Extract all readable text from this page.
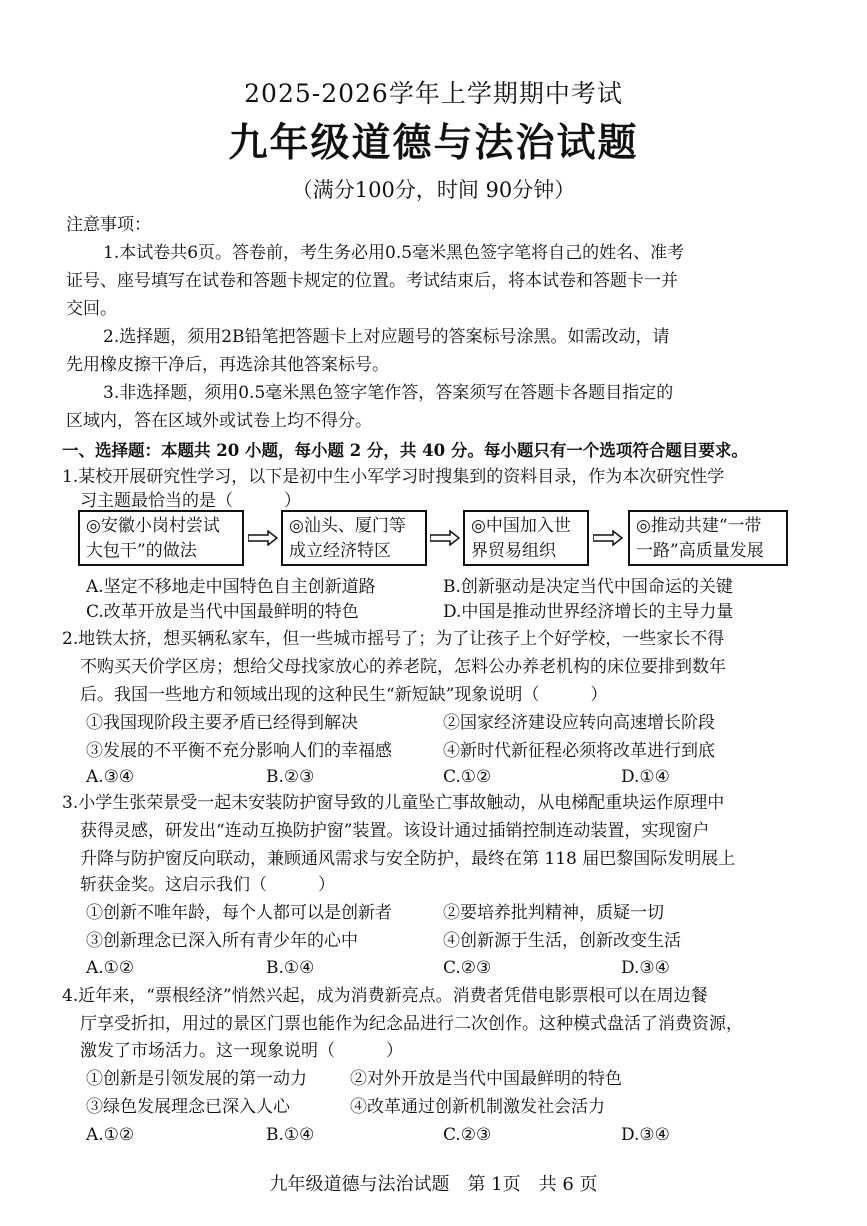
2025-2026学年上学期期中考试
九年级道德与法治试题
（满分100分，时间 90分钟）
注意事项：
1.本试卷共6页。答卷前，考生务必用0.5毫米黑色签字笔将自己的姓名、准考
证号、座号填写在试卷和答题卡规定的位置。考试结束后，将本试卷和答题卡一并
交回。
2.选择题，须用2B铅笔把答题卡上对应题号的答案标号涂黑。如需改动，请
先用橡皮擦干净后，再选涂其他答案标号。
3.非选择题，须用0.5毫米黑色签字笔作答，答案须写在答题卡各题目指定的
区域内，答在区域外或试卷上均不得分。
一、选择题：本题共 20 小题，每小题 2 分，共 40 分。每小题只有一个选项符合题目要求。
1.某校开展研究性学习，以下是初中生小军学习时搜集到的资料目录，作为本次研究性学
习主题最恰当的是（　　　）
◎安徽小岗村尝试
大包干”的做法
◎汕头、厦门等
成立经济特区
◎中国加入世
界贸易组织
◎推动共建“一带
一路”高质量发展
A.坚定不移地走中国特色自主创新道路	B.创新驱动是决定当代中国命运的关键
C.改革开放是当代中国最鲜明的特色	D.中国是推动世界经济增长的主导力量
2.地铁太挤，想买辆私家车，但一些城市摇号了；为了让孩子上个好学校，一些家长不得
不购买天价学区房；想给父母找家放心的养老院，怎料公办养老机构的床位要排到数年
后。我国一些地方和领域出现的这种民生“新短缺”现象说明（　　　）
①我国现阶段主要矛盾已经得到解决	②国家经济建设应转向高速增长阶段
③发展的不平衡不充分影响人们的幸福感	④新时代新征程必须将改革进行到底
A.③④	B.②③	C.①②	D.①④
3.小学生张荣景受一起未安装防护窗导致的儿童坠亡事故触动，从电梯配重块运作原理中
获得灵感，研发出“连动互换防护窗”装置。该设计通过插销控制连动装置，实现窗户
升降与防护窗反向联动，兼顾通风需求与安全防护，最终在第 118 届巴黎国际发明展上
斩获金奖。这启示我们（　　　）
①创新不唯年龄，每个人都可以是创新者	②要培养批判精神，质疑一切
③创新理念已深入所有青少年的心中	④创新源于生活，创新改变生活
A.①②	B.①④	C.②③	D.③④
4.近年来，“票根经济”悄然兴起，成为消费新亮点。消费者凭借电影票根可以在周边餐
厅享受折扣，用过的景区门票也能作为纪念品进行二次创作。这种模式盘活了消费资源，
激发了市场活力。这一现象说明（　　　）
①创新是引领发展的第一动力	②对外开放是当代中国最鲜明的特色
③绿色发展理念已深入人心	④改革通过创新机制激发社会活力
A.①②	B.①④	C.②③	D.③④
九年级道德与法治试题　第 1页　共 6 页
